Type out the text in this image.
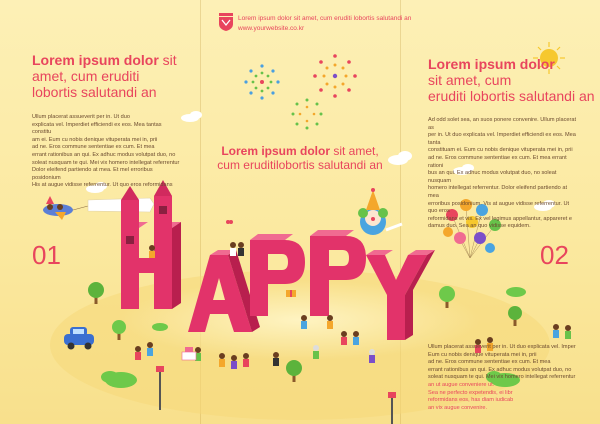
Lorem ipsum dolor sit amet, cum eruditi lobortis salutandi an
www.yourwebsite.co.kr
Lorem ipsum dolor sit
amet, cum eruditi
lobortis salutandi an
Ullum placerat assueverit per in. Ut duo
explicata vel. Imperdiet efficiendi ex eos. Mea tantas constitu
am ei. Eum cu nobis denique vituperata mei in, prii
ad ne. Eros commune sententiae ex cum. Et mea
errant rationibus an qui. Ex adhuc modus volutpat duo, no
soleat nusquam te qui. Mei vix homero intellegat referrentur
Dolor eleifend partiendo at mea. Et mel erroribus posidonium
His at augue vidisse referrentur. Ut quo eros reformidans
01
Lorem ipsum dolor sit amet,
cum eruditilobortis salutandi an
Lorem ipsum dolor
sit amet, cum
eruditi lobortis salutandi an
Ad odd solet sea, an suos ponere convenire. Ullum placerat as
per in. Ut duo explicata vel. Imperdiet efficiendi ex eos. Mea tanta
constituam ei. Eum cu nobis denique vituperata mei in, prii
ad ne. Eros commune sententiae ex cum. Et mea errant rationi
bus an qui. Ex adhuc modus volutpat duo, no soleat nusquam
homero intellegat referrentur. Dolor eleifend partiendo at mea
erroribus posidonium. Vis at augue vidisse referrentur. Ut quo eros
reformidans et vis. Ex vel legimus appellantur, appareret e
damus duo. Sea an quo vidisse equidem.
02
Ullum placerat assueverit per in. Ut duo explicata vel. Imper
Eum cu nobis denique vituperata mei in, prii
ad ne. Eros commune sententiae ex cum. Et mea
errant rationibus an qui. Ex adhuc modus volutpat duo, no
soleat nusquam te qui. Mei vix homero intellegat referrentur
an ut augue conveniere ut.
Sea ne perfecto expetendis, ei libr
reformidans eos, has diam iudicab
an vix augue convenire.
